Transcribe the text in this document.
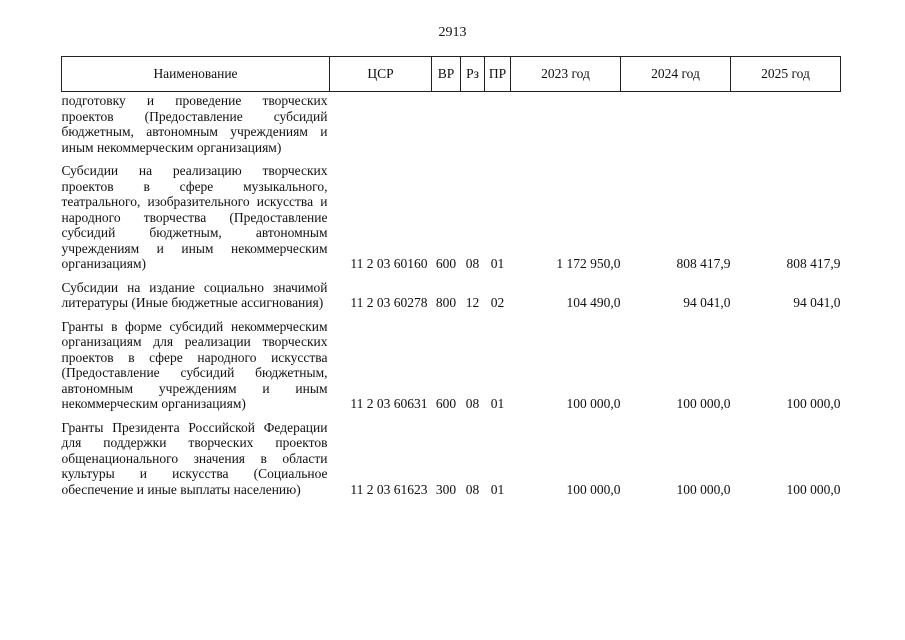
2913
Наименование	ЦСР	ВР	Рз	ПР	2023 год	2024 год	2025 год
подготовку и проведение творческих проектов (Предоставление субсидий бюджетным, автономным учреждениям и иным некоммерческим организациям)							

Субсидии на реализацию творческих проектов в сфере музыкального, театрального, изобразительного искусства и народного творчества (Предоставление субсидий бюджетным, автономным учреждениям и иным некоммерческим организациям)	11 2 03 60160	600	08	01	1 172 950,0	808 417,9	808 417,9

Субсидии на издание социально значимой литературы (Иные бюджетные ассигнования)	11 2 03 60278	800	12	02	104 490,0	94 041,0	94 041,0

Гранты в форме субсидий некоммерческим организациям для реализации творческих проектов в сфере народного искусства (Предоставление субсидий бюджетным, автономным учреждениям и иным некоммерческим организациям)	11 2 03 60631	600	08	01	100 000,0	100 000,0	100 000,0

Гранты Президента Российской Федерации для поддержки творческих проектов общенационального значения в области культуры и искусства (Социальное обеспечение и иные выплаты населению)	11 2 03 61623	300	08	01	100 000,0	100 000,0	100 000,0
